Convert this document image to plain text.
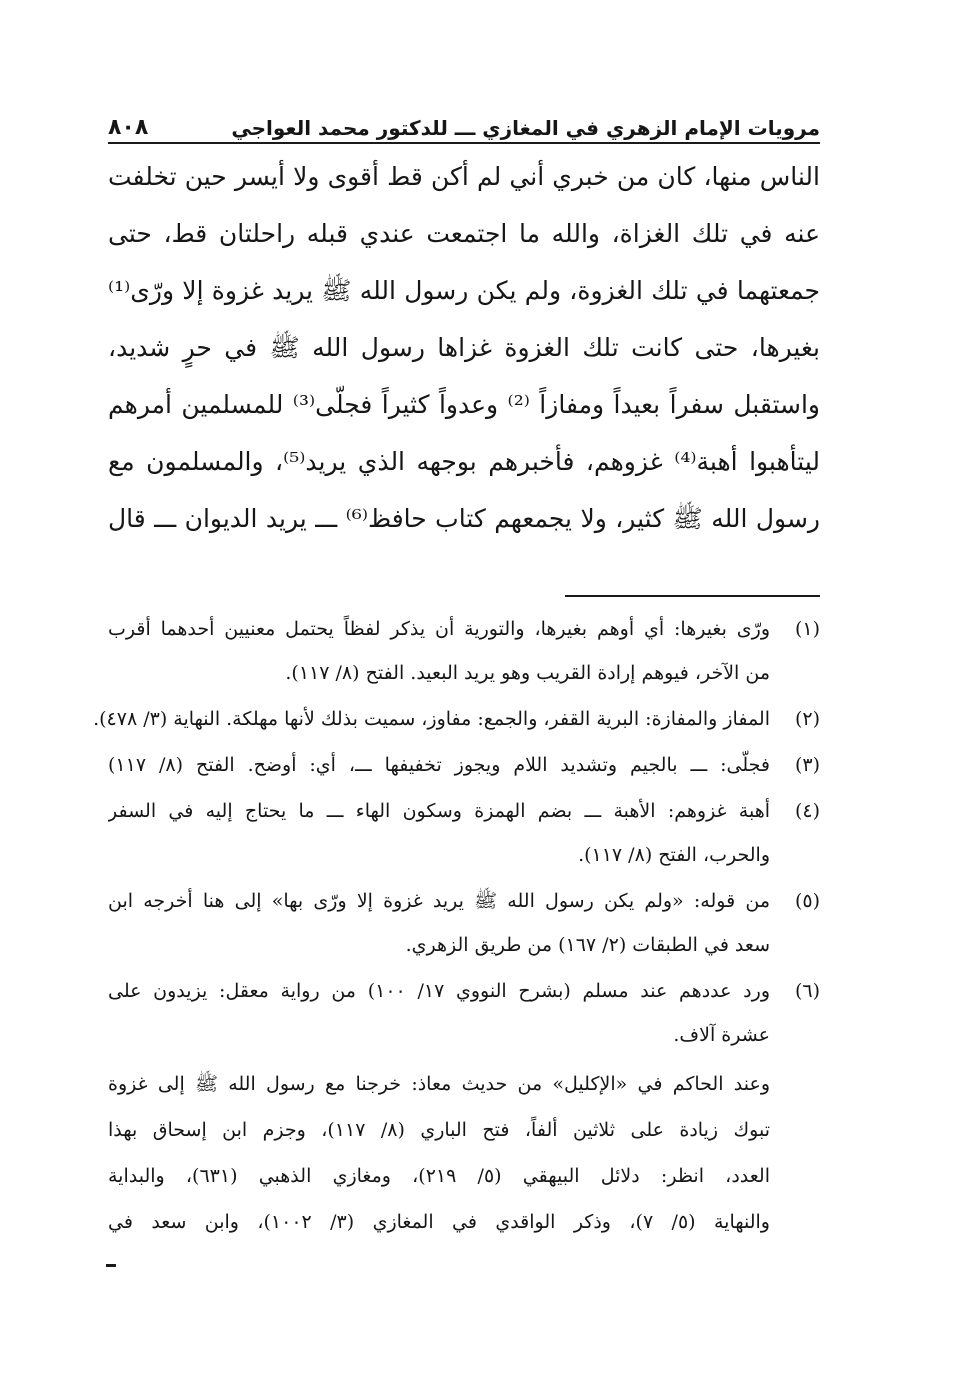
مرويات الإمام الزهري في المغازي ـــ للدكتور محمد العواجي
٨٠٨
الناس منها، كان من خبري أني لم أكن قط أقوى ولا أيسر حين تخلفت
عنه في تلك الغزاة، والله ما اجتمعت عندي قبله راحلتان قط، حتى
جمعتهما في تلك الغزوة، ولم يكن رسول الله ﷺ يريد غزوة إلا ورّى⁽¹⁾
بغيرها، حتى كانت تلك الغزوة غزاها رسول الله ﷺ في حرٍ شديد،
واستقبل سفراً بعيداً ومفازاً ⁽²⁾ وعدواً كثيراً فجلّى⁽³⁾ للمسلمين أمرهم
ليتأهبوا أهبة⁽⁴⁾ غزوهم، فأخبرهم بوجهه الذي يريد⁽⁵⁾، والمسلمون مع
رسول الله ﷺ كثير، ولا يجمعهم كتاب حافظ⁽⁶⁾ ـــ يريد الديوان ـــ قال
(١)
ورّى بغيرها: أي أوهم بغيرها، والتورية أن يذكر لفظاً يحتمل معنيين أحدهما أقرب
من الآخر، فيوهم إرادة القريب وهو يريد البعيد. الفتح (٨/ ١١٧).
(٢)
المفاز والمفازة: البرية القفر، والجمع: مفاوز، سميت بذلك لأنها مهلكة. النهاية (٣/ ٤٧٨).
(٣)
فجلّى: ـــ بالجيم وتشديد اللام ويجوز تخفيفها ـــ، أي: أوضح. الفتح (٨/ ١١٧)
(٤)
أهبة غزوهم: الأهبة ـــ بضم الهمزة وسكون الهاء ـــ ما يحتاج إليه في السفر
والحرب، الفتح (٨/ ١١٧).
(٥)
من قوله: «ولم يكن رسول الله ﷺ يريد غزوة إلا ورّى بها» إلى هنا أخرجه ابن
سعد في الطبقات (٢/ ١٦٧) من طريق الزهري.
(٦)
ورد عددهم عند مسلم (بشرح النووي ١٧/ ١٠٠) من رواية معقل: يزيدون على
عشرة آلاف.
وعند الحاكم في «الإكليل» من حديث معاذ: خرجنا مع رسول الله ﷺ إلى غزوة
تبوك زيادة على ثلاثين ألفاً، فتح الباري (٨/ ١١٧)، وجزم ابن إسحاق بهذا
العدد، انظر: دلائل البيهقي (٥/ ٢١٩)، ومغازي الذهبي (٦٣١)، والبداية
والنهاية (٥/ ٧)، وذكر الواقدي في المغازي (٣/ ١٠٠٢)، وابن سعد في
